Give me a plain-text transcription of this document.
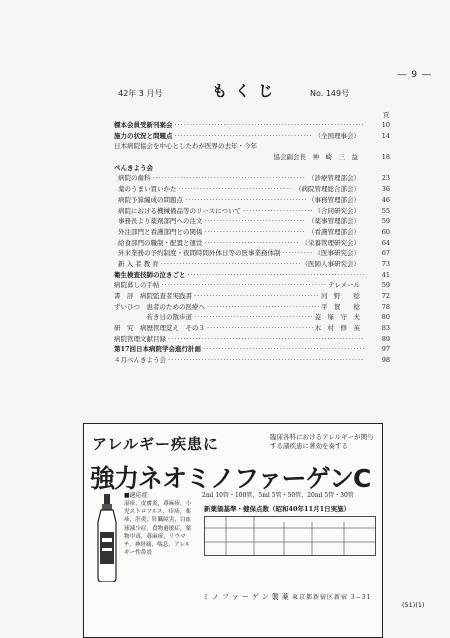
― 9 ―
42年 3 月号	もくじ	No. 149号
頁
標本会員受新刊案会 ·····	10
施力の状況と問題点 ·····	（全国理事会）	14
日本病院協会を中心としたわが医界の去年・今年
協会副会長　神　崎　三　益	18
ぺんきよう会
病院の歯科 ·····	（診療管理部会）	23
薬のうまい買いかた ·····	（病院管理総合部会）	36
病院予算編成の問題点 ·····	（事務管理部会）	46
病院における機械備品等のリースについて ·····	（合同研究会）	55
事務長より薬剤部門への注文 ·····	（薬事管理部会）	59
外注部門と看護部門との関係 ·····	（看護管理部会）	60
給食部門の職制・配置と運営 ·····	（栄養管理研究会）	64
外来業務の予約制度・夜間時間外体日等の医事業務体制 ·····	（医事研究会）	67
新 入 者 教 育 ·····	（医師人事研究会）	73
衛生検査技師の泣きごと ·····	41
病院暮しの手帖 ·····	テレメール	59
書　評　病院監査者実践書 ·····	河　野　　稔	72
ずいひつ　患者のための医療へ ·····	平　賀　　稔	78
　　　　　若き日の散歩道 ·····	菱　塚　守　夫	80
研　究　病歴管理覚え　その３ ·····	木　村　修　英	83
病院管理文献目録 ·····	89
第17回日本病院学会進行計画 ·····	97
４月べんきよう会 ·····	98
アレルギー疾患に	臨床各科におけるアレルギーが関与する諸疾患に著効を奏する
強力ネオミノファーゲンC
■適応症
湿疹，皮膚炎，蕁麻疹，小児ストロフルス，痒疹，薬疹，肝炎，肝臓障害，白血球減少症，食物過敏症，薬物中毒，蕁麻疹，リウマチ，神経痛，喘息，アレルギー性鼻炎
2ml 10管・100管，5ml 5管・50管，20ml 5管・30管
新薬価基準・健保点数（昭和40年11月1日実施）
ミノファーゲン製薬 東京都新宿区新宿 3−31
(51)(1)
